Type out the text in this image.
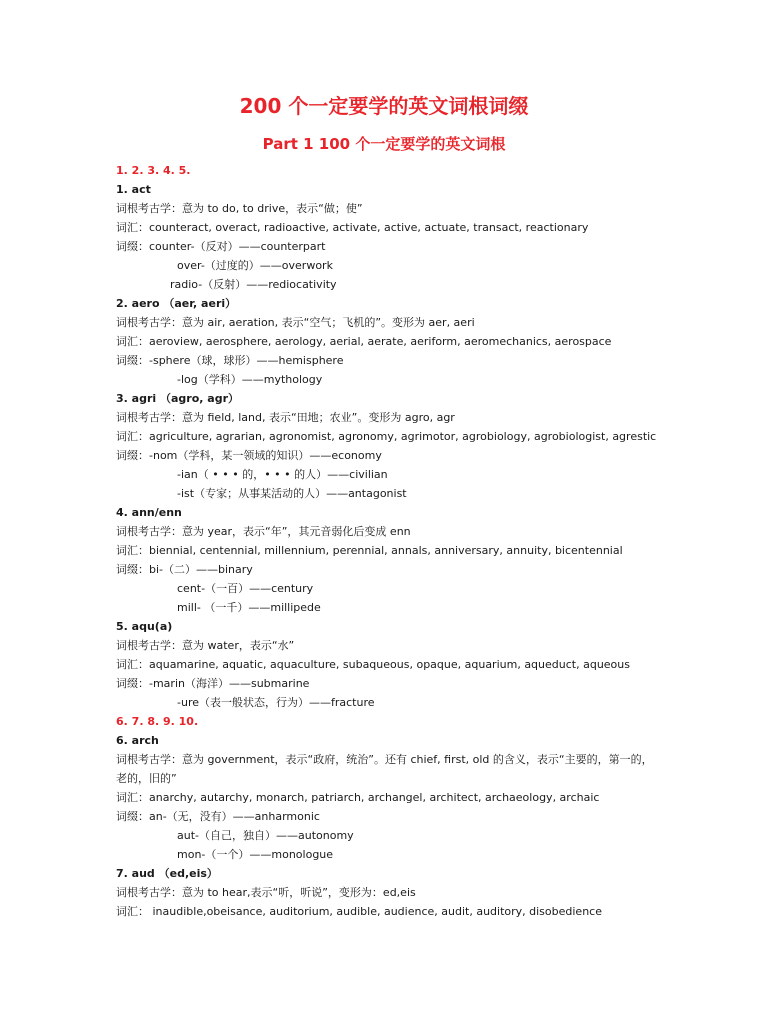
200 个一定要学的英文词根词缀
Part 1 100 个一定要学的英文词根
1. 2. 3. 4. 5.
1. act
词根考古学：意为 to do, to drive，表示“做；使”
词汇：counteract, overact, radioactive, activate, active, actuate, transact, reactionary
词缀：counter-（反对）——counterpart
over-（过度的）——overwork
radio-（反射）——rediocativity
2. aero （aer, aeri）
词根考古学：意为 air, aeration, 表示“空气；飞机的”。变形为 aer, aeri
词汇：aeroview, aerosphere, aerology, aerial, aerate, aeriform, aeromechanics, aerospace
词缀：-sphere（球，球形）——hemisphere
-log（学科）——mythology
3. agri （agro, agr）
词根考古学：意为 field, land, 表示“田地；农业”。变形为 agro, agr
词汇：agriculture, agrarian, agronomist, agronomy, agrimotor, agrobiology, agrobiologist, agrestic
词缀：-nom（学科，某一领域的知识）——economy
-ian（ • • • 的，• • • 的人）——civilian
-ist（专家；从事某活动的人）——antagonist
4. ann/enn
词根考古学：意为 year，表示“年”，其元音弱化后变成 enn
词汇：biennial, centennial, millennium, perennial, annals, anniversary, annuity, bicentennial
词缀：bi-（二）——binary
cent-（一百）——century
mill- （一千）——millipede
5. aqu(a)
词根考古学：意为 water，表示“水”
词汇：aquamarine, aquatic, aquaculture, subaqueous, opaque, aquarium, aqueduct, aqueous
词缀：-marin（海洋）——submarine
-ure（表一般状态，行为）——fracture
6. 7. 8. 9. 10.
6. arch
词根考古学：意为 government，表示“政府，统治”。还有 chief, first, old 的含义，表示“主要的，第一的，老的，旧的”
词汇：anarchy, autarchy, monarch, patriarch, archangel, architect, archaeology, archaic
词缀：an-（无，没有）——anharmonic
aut-（自己，独自）——autonomy
mon-（一个）——monologue
7. aud （ed,eis）
词根考古学：意为 to hear,表示“听，听说”，变形为：ed,eis
词汇： inaudible,obeisance, auditorium, audible, audience, audit, auditory, disobedience
